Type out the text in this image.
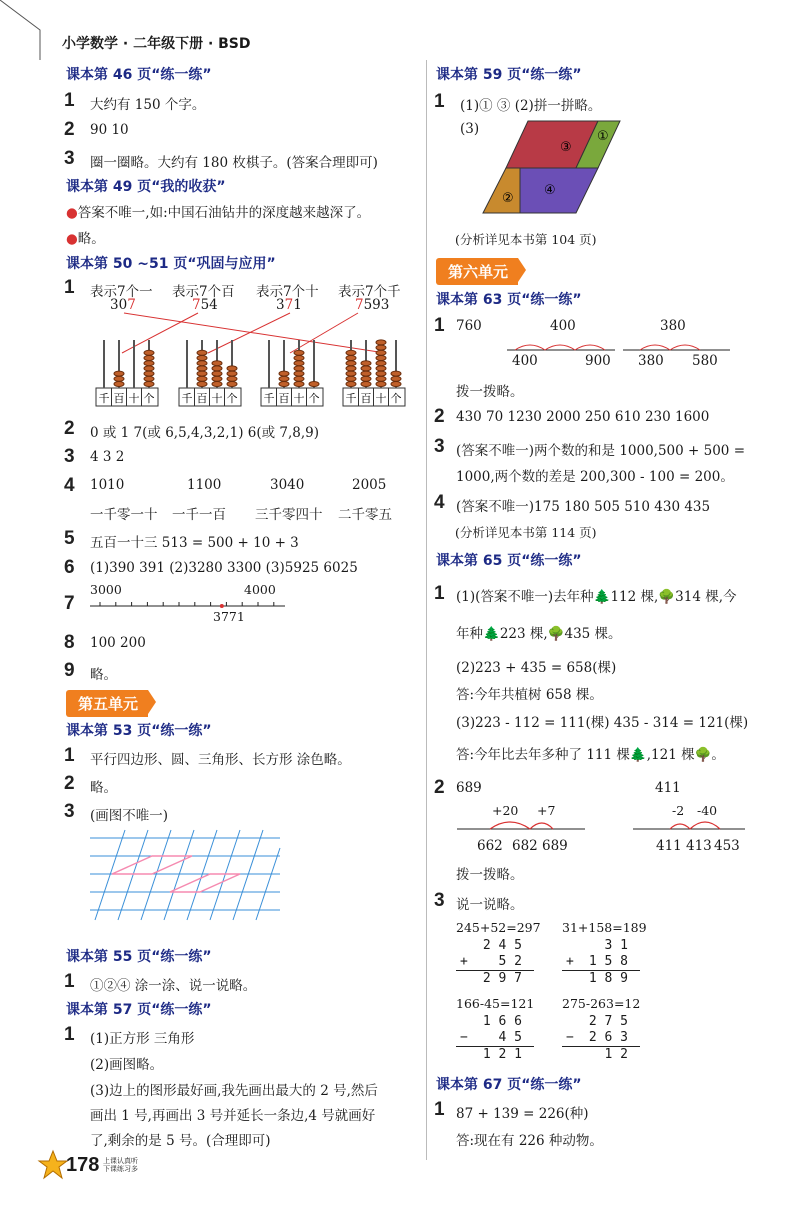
小学数学 · 二年级下册 · BSD
课本第 46 页“练一练”
1 大约有 150 个字。
2 90 10
3 圈一圈略。大约有 180 枚棋子。(答案合理即可)
课本第 49 页“我的收获”
●答案不唯一,如:中国石油钻井的深度越来越深了。
●略。
课本第 50 ~51 页“巩固与应用”
1 表示7个一 表示7个百 表示7个十 表示7个千
307	754	371	7593
千 百 十 个 千 百 十 个 千 百 十 个 千 百 十 个
2 0 或 1 7(或 6,5,4,3,2,1) 6(或 7,8,9)
3 4 3 2
4 1010	1100	3040	2005
一千零一十 一千一百 三千零四十 二千零五
5 五百一十三 513 = 500 + 10 + 3
6 (1)390 391 (2)3280 3300 (3)5925 6025
7
3000	4000
3771
8 100 200
9 略。
第五单元
课本第 53 页“练一练”
1 平行四边形、圆、三角形、长方形 涂色略。
2 略。
3 (画图不唯一)
课本第 55 页“练一练”
1 ①②④ 涂一涂、说一说略。
课本第 57 页“练一练”
1 (1)正方形 三角形
(2)画图略。
(3)边上的图形最好画,我先画出最大的 2 号,然后
画出 1 号,再画出 3 号并延长一条边,4 号就画好
了,剩余的是 5 号。(合理即可)
178 上课认真听
下课练习多
课本第 59 页“练一练”
1 (1)① ③ (2)拼一拼略。
(3)
③
①
②
④
(分析详见本书第 104 页)
第六单元
课本第 63 页“练一练”
1 760	400	380
400	900 380 580
拨一拨略。
2 430 70 1230 2000 250 610 230 1600
3 (答案不唯一)两个数的和是 1000,500 + 500 =
1000,两个数的差是 200,300 - 100 = 200。
4 (答案不唯一)175 180 505 510 430 435
(分析详见本书第 114 页)
课本第 65 页“练一练”
1 (1)(答案不唯一)去年种🌲112 棵,🌳314 棵,今
年种🌲223 棵,🌳435 棵。
(2)223 + 435 = 658(棵)
答:今年共植树 658 棵。
(3)223 - 112 = 111(棵) 435 - 314 = 121(棵)
答:今年比去年多种了 111 棵🌲,121 棵🌳。
2 689	411
+20 +7	-2 -40
662 682 689	411 413 453
拨一拨略。
3 说一说略。
245+52=297 31+158=189
2 4 5
+ 5 2
2 9 7
3 1
+ 1 5 8
1 8 9
166-45=121 275-263=12
1 6 6
− 4 5
1 2 1
2 7 5
− 2 6 3
1 2
课本第 67 页“练一练”
1 87 + 139 = 226(种)
答:现在有 226 种动物。
